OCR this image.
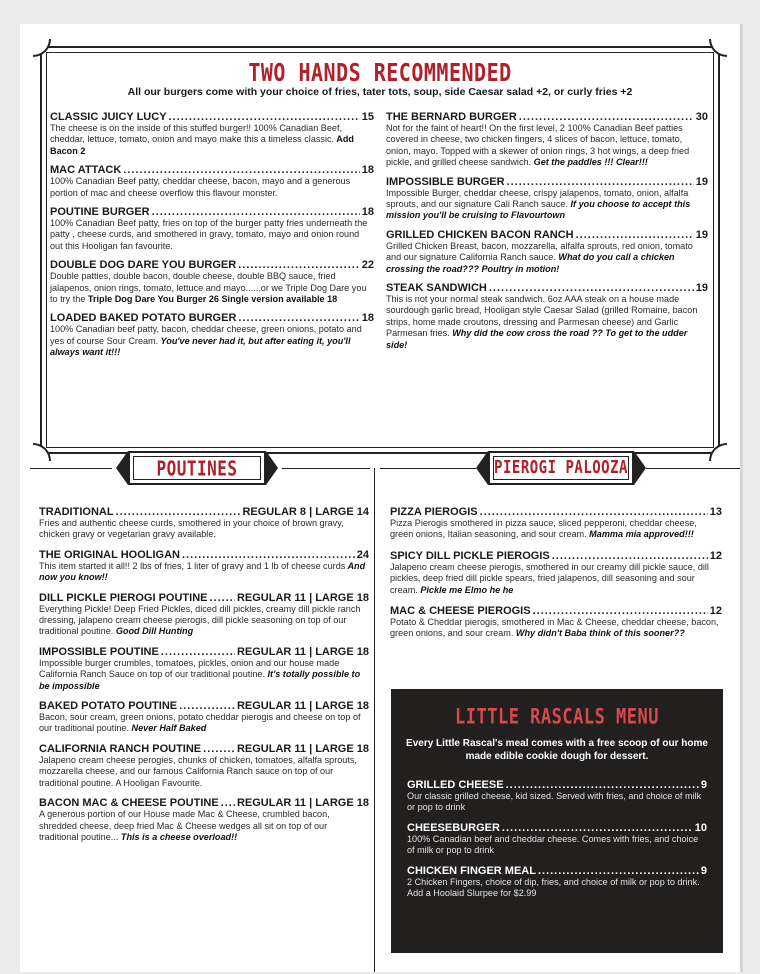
TWO HANDS RECOMMENDED
All our burgers come with your choice of fries, tater tots, soup, side Caesar salad +2, or curly fries +2
CLASSIC JUICY LUCY .....	15
The cheese is on the inside of this stuffed burger!! 100% Canadian Beef, cheddar, lettuce, tomato, onion and mayo make this a timeless classic. Add Bacon 2
MAC ATTACK .....	18
100% Canadian Beef patty, cheddar cheese, bacon, mayo and a generous portion of mac and cheese overflow this flavour monster.
POUTINE BURGER .....	18
100% Canadian Beef patty, fries on top of the burger patty fries underneath the patty , cheese curds, and smothered in gravy, tomato, mayo and onion round out this Hooligan fan favourite.
DOUBLE DOG DARE YOU BURGER .....	22
Double patties, double bacon, double cheese, double BBQ sauce, fried jalapenos, onion rings, tomato, lettuce and mayo......or we Triple Dog Dare you to try the Triple Dog Dare You Burger 26 Single version available 18
LOADED BAKED POTATO BURGER .....	18
100% Canadian beef patty, bacon, cheddar cheese, green onions, potato and yes of course Sour Cream. You've never had it, but after eating it, you'll always want it!!!
THE BERNARD BURGER .....	30
Not for the faint of heart!! On the first level, 2 100% Canadian Beef patties covered in cheese, two chicken fingers, 4 slices of bacon, lettuce, tomato, onion, mayo. Topped with a skewer of onion rings, 3 hot wings, a deep fried pickle, and grilled cheese sandwich. Get the paddles !!! Clear!!!
IMPOSSIBLE BURGER .....	19
Impossible Burger, cheddar cheese, crispy jalapenos, tomato, onion, alfalfa sprouts, and our signature Cali Ranch sauce. If you choose to accept this mission you'll be cruising to Flavourtown
GRILLED CHICKEN BACON RANCH .....	19
Grilled Chicken Breast, bacon, mozzarella, alfalfa sprouts, red onion, tomato and our signature California Ranch sauce. What do you call a chicken crossing the road??? Poultry in motion!
STEAK SANDWICH .....	19
This is not your normal steak sandwich. 6oz AAA steak on a house made sourdough garlic bread, Hooligan style Caesar Salad (grilled Romaine, bacon strips, home made croutons, dressing and Parmesan cheese) and Garlic Parmesan fries. Why did the cow cross the road ?? To get to the udder side!
POUTINES	PIEROGI PALOOZA
TRADITIONAL .....	REGULAR 8 | LARGE 14
Fries and authentic cheese curds, smothered in your choice of brown gravy, chicken gravy or vegetarian gravy available.
THE ORIGINAL HOOLIGAN .....	24
This item started it all!! 2 lbs of fries, 1 liter of gravy and 1 lb of cheese curds And now you know!!
DILL PICKLE PIEROGI POUTINE .....	REGULAR 11 | LARGE 18
Everything Pickle! Deep Fried Pickles, diced dill pickles, creamy dill pickle ranch dressing, jalapeno cream cheese pierogis, dill pickle seasoning on top of our traditional poutine. Good Dill Hunting
IMPOSSIBLE POUTINE .....	REGULAR 11 | LARGE 18
Impossible burger crumbles, tomatoes, pickles, onion and our house made California Ranch Sauce on top of our traditional poutine. It's totally possible to be impossible
BAKED POTATO POUTINE .....	REGULAR 11 | LARGE 18
Bacon, sour cream, green onions, potato cheddar pierogis and cheese on top of our traditional poutine. Never Half Baked
CALIFORNIA RANCH POUTINE .....	REGULAR 11 | LARGE 18
Jalapeno cream cheese perogies, chunks of chicken, tomatoes, alfalfa sprouts, mozzarella cheese, and our famous California Ranch sauce on top of our traditional poutine. A Hooligan Favourite.
BACON MAC & CHEESE POUTINE ..... REGULAR 11 | LARGE 18
A generous portion of our House made Mac & Cheese, crumbled bacon, shredded cheese, deep fried Mac & Cheese wedges all sit on top of our traditional poutine... This is a cheese overload!!
PIZZA PIEROGIS .....	13
Pizza Pierogis smothered in pizza sauce, sliced pepperoni, cheddar cheese, green onions, Italian seasoning, and sour cream. Mamma mia approved!!!
SPICY DILL PICKLE PIEROGIS .....	12
Jalapeno cream cheese pierogis, smothered in our creamy dill pickle sauce, dill pickles, deep fried dill pickle spears, fried jalapenos, dill seasoning and sour cream. Pickle me Elmo he he
MAC & CHEESE PIEROGIS .....	12
Potato & Cheddar pierogis, smothered in Mac & Cheese, cheddar cheese, bacon, green onions, and sour cream. Why didn't Baba think of this sooner??
LITTLE RASCALS MENU
Every Little Rascal's meal comes with a free scoop of our home made edible cookie dough for dessert.
GRILLED CHEESE .....	9
Our classic grilled cheese, kid sized. Served with fries, and choice of milk or pop to drink
CHEESEBURGER .....	10
100% Canadian beef and cheddar cheese. Comes with fries, and choice of milk or pop to drink
CHICKEN FINGER MEAL .....	9
2 Chicken Fingers, choice of dip, fries, and choice of milk or pop to drink. Add a Hoolaid Slurpee for $2.99
